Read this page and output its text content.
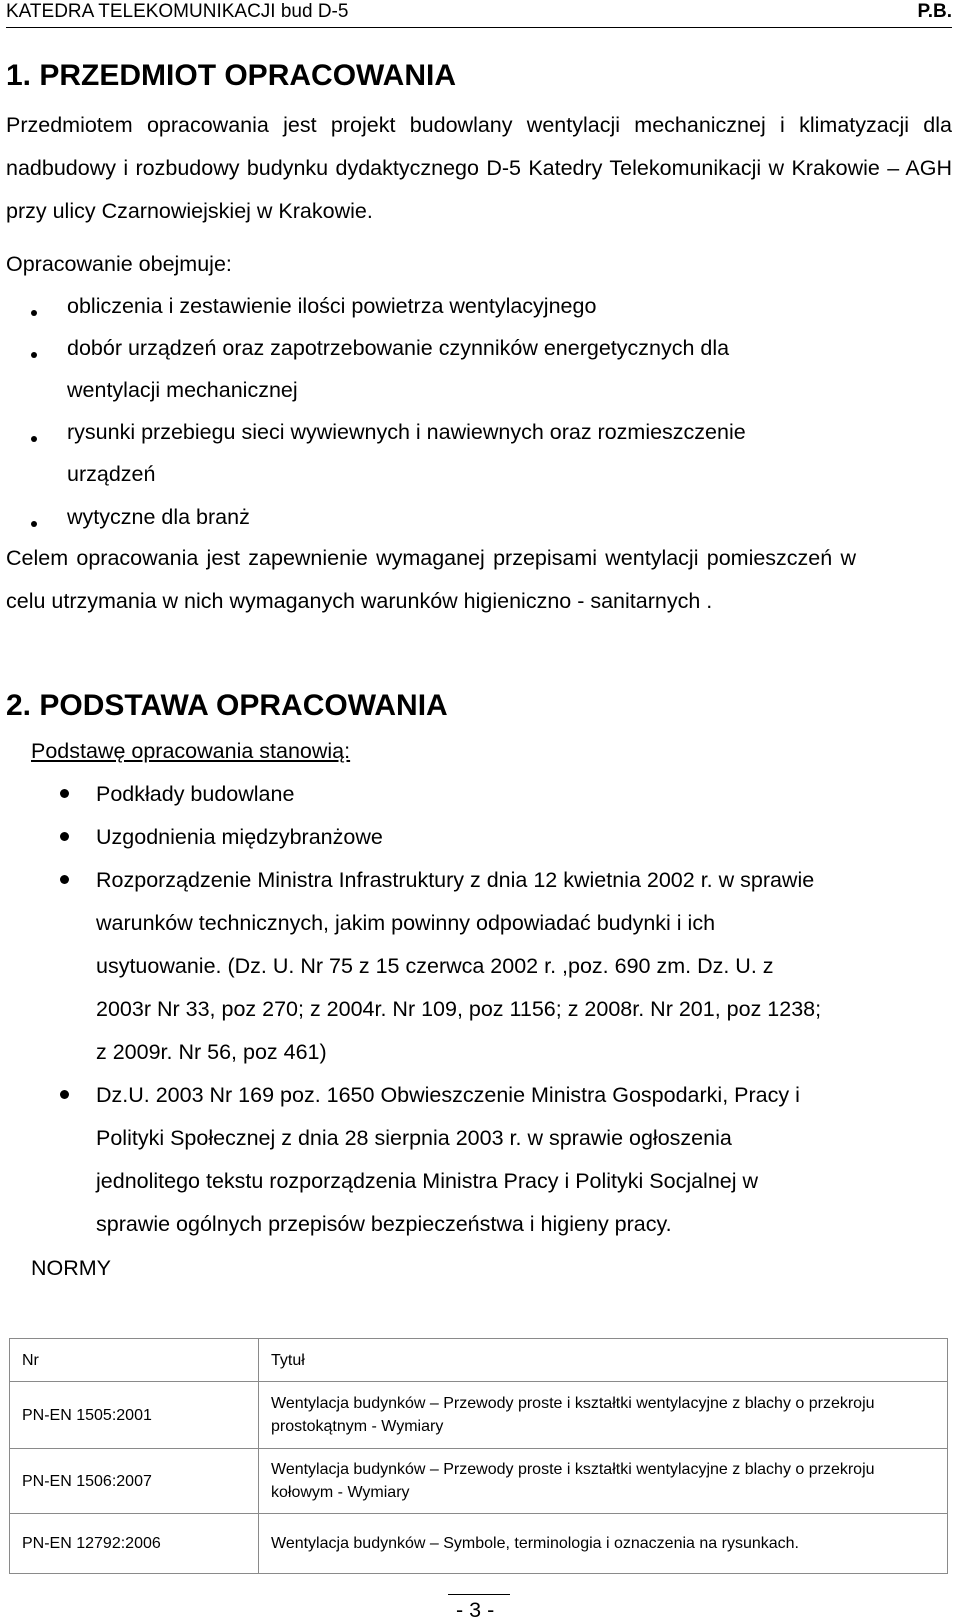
KATEDRA TELEKOMUNIKACJI bud D-5	P.B.
1. PRZEDMIOT OPRACOWANIA
Przedmiotem opracowania jest projekt budowlany wentylacji mechanicznej i klimatyzacji dla nadbudowy i rozbudowy budynku dydaktycznego D-5 Katedry Telekomunikacji w Krakowie – AGH przy ulicy Czarnowiejskiej w Krakowie.
Opracowanie obejmuje:
obliczenia i zestawienie ilości powietrza wentylacyjnego
dobór urządzeń oraz zapotrzebowanie czynników energetycznych dla
wentylacji mechanicznej
rysunki przebiegu sieci wywiewnych i nawiewnych oraz rozmieszczenie
urządzeń
wytyczne dla branż
Celem opracowania jest zapewnienie wymaganej przepisami wentylacji pomieszczeń w celu utrzymania w nich wymaganych warunków higieniczno - sanitarnych .
2. PODSTAWA OPRACOWANIA
Podstawę opracowania stanowią:
Podkłady budowlane
Uzgodnienia międzybranżowe
Rozporządzenie Ministra Infrastruktury z dnia 12 kwietnia 2002 r. w sprawie
warunków technicznych, jakim powinny odpowiadać budynki i ich
usytuowanie. (Dz. U. Nr 75 z 15 czerwca 2002 r. ,poz. 690 zm. Dz. U. z
2003r Nr 33, poz 270; z 2004r. Nr 109, poz 1156; z 2008r. Nr 201, poz 1238;
z 2009r. Nr 56, poz 461)
Dz.U. 2003 Nr 169 poz. 1650 Obwieszczenie Ministra Gospodarki, Pracy i
Polityki Społecznej z dnia 28 sierpnia 2003 r. w sprawie ogłoszenia
jednolitego tekstu rozporządzenia Ministra Pracy i Polityki Socjalnej w
sprawie ogólnych przepisów bezpieczeństwa i higieny pracy.
NORMY
Nr	Tytuł
PN-EN 1505:2001	Wentylacja budynków – Przewody proste i kształtki wentylacyjne z blachy o przekroju prostokątnym - Wymiary
PN-EN 1506:2007	Wentylacja budynków – Przewody proste i kształtki wentylacyjne z blachy o przekroju kołowym - Wymiary
PN-EN 12792:2006	Wentylacja budynków – Symbole, terminologia i oznaczenia na rysunkach.
- 3 -
